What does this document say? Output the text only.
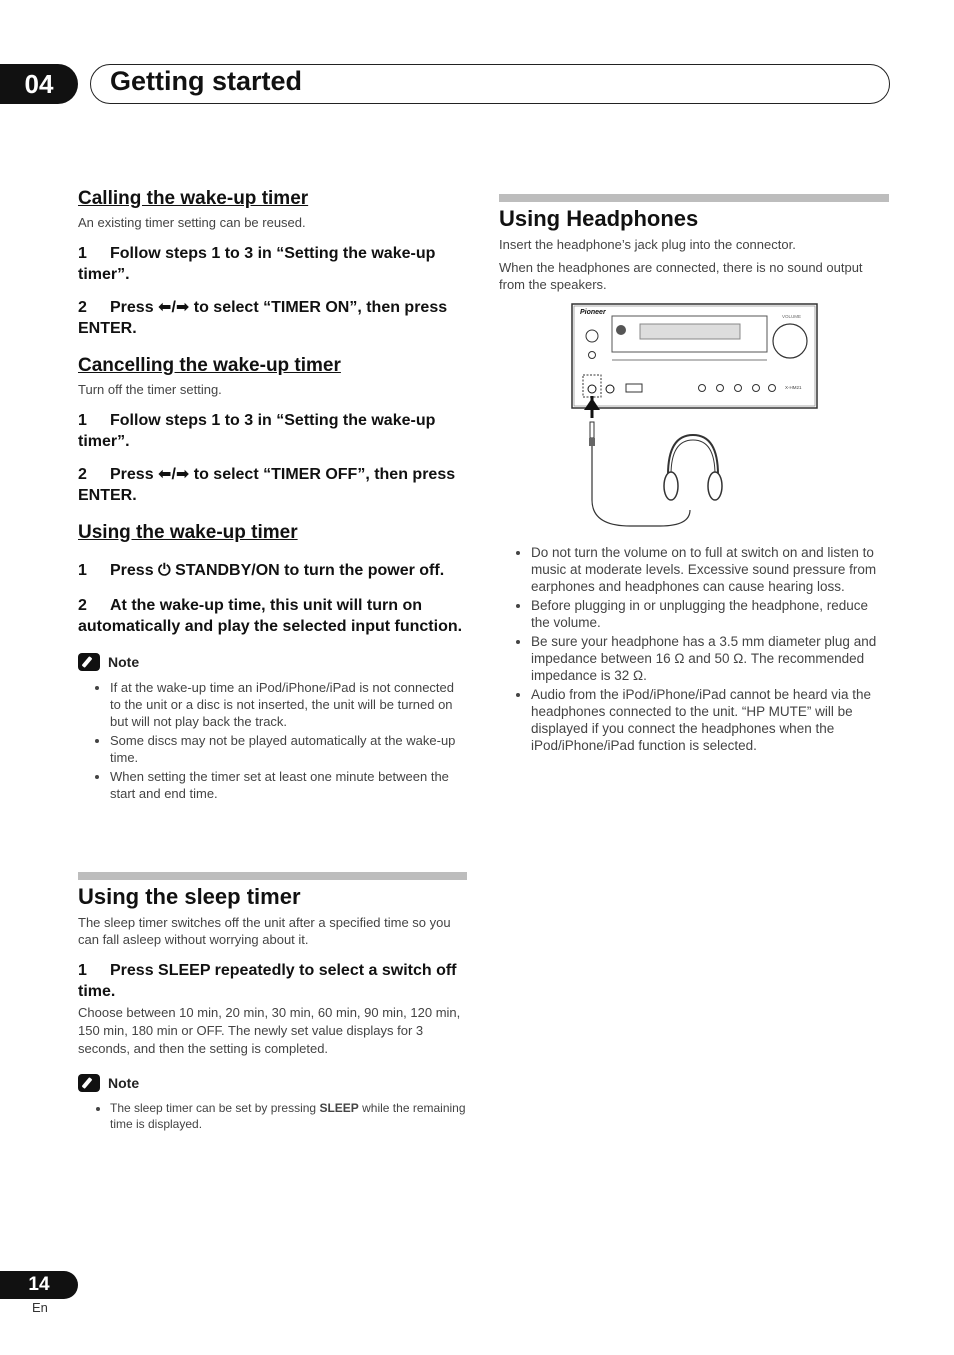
04	Getting started
Calling the wake-up timer

An existing timer setting can be reused.

1 Follow steps 1 to 3 in “Setting the wake-up timer”.

2 Press ⬅/➡ to select “TIMER ON”, then press ENTER.

Cancelling the wake-up timer

Turn off the timer setting.

1 Follow steps 1 to 3 in “Setting the wake-up timer”.

2 Press ⬅/➡ to select “TIMER OFF”, then press ENTER.

Using the wake-up timer

1 Press ⏻ STANDBY/ON to turn the power off.

2 At the wake-up time, this unit will turn on automatically and play the selected input function.

Note
• If at the wake-up time an iPod/iPhone/iPad is not connected to the unit or a disc is not inserted, the unit will be turned on but will not play back the track.
• Some discs may not be played automatically at the wake-up time.
• When setting the timer set at least one minute between the start and end time.
Using the sleep timer

The sleep timer switches off the unit after a specified time so you can fall asleep without worrying about it.

1 Press SLEEP repeatedly to select a switch off time.

Choose between 10 min, 20 min, 30 min, 60 min, 90 min, 120 min, 150 min, 180 min or OFF. The newly set value displays for 3 seconds, and then the setting is completed.

Note
• The sleep timer can be set by pressing SLEEP while the remaining time is displayed.
Using Headphones

Insert the headphone’s jack plug into the connector.

When the headphones are connected, there is no sound output from the speakers.

Pioneer
VOLUME
X-HM21
• Do not turn the volume on to full at switch on and listen to music at moderate levels. Excessive sound pressure from earphones and headphones can cause hearing loss.
• Before plugging in or unplugging the headphone, reduce the volume.
• Be sure your headphone has a 3.5 mm diameter plug and impedance between 16 Ω and 50 Ω. The recommended impedance is 32 Ω.
• Audio from the iPod/iPhone/iPad cannot be heard via the headphones connected to the unit. “HP MUTE” will be displayed if you connect the headphones when the iPod/iPhone/iPad function is selected.
14
En
